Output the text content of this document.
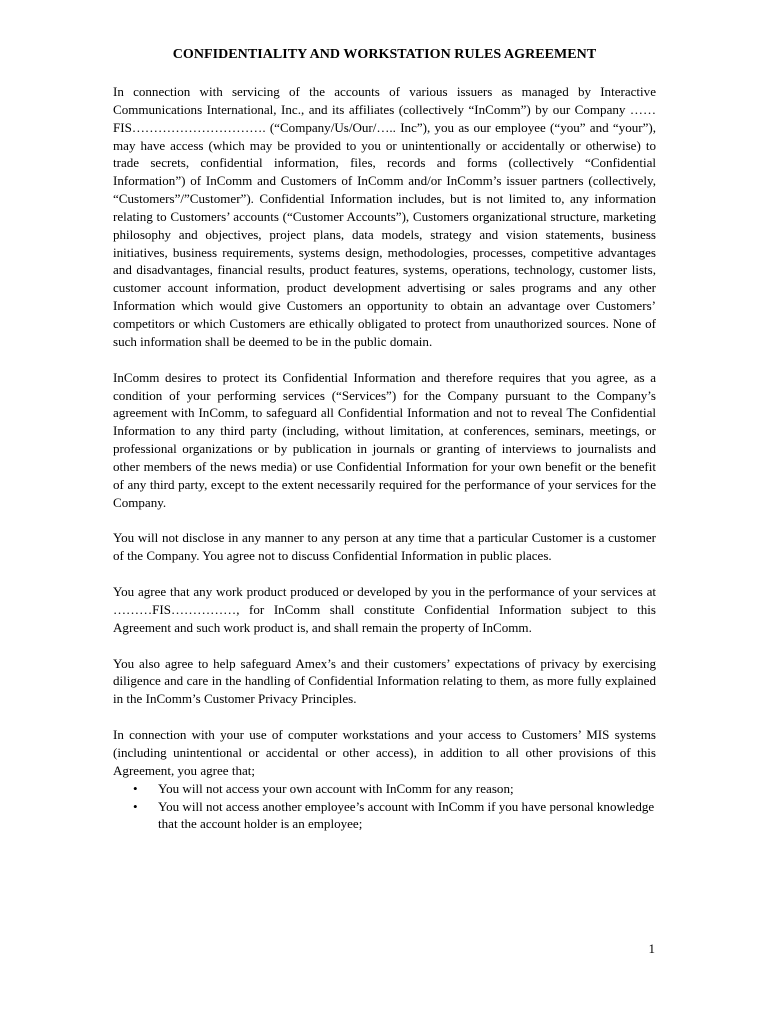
CONFIDENTIALITY AND WORKSTATION RULES AGREEMENT

In connection with servicing of the accounts of various issuers as managed by Interactive Communications International, Inc., and its affiliates (collectively “InComm”) by our Company ……FIS…………………………. (“Company/Us/Our/….. Inc”), you as our employee (“you” and “your”), may have access (which may be provided to you or unintentionally or accidentally or otherwise) to trade secrets, confidential information, files, records and forms (collectively “Confidential Information”) of InComm and Customers of InComm and/or InComm’s issuer partners (collectively, “Customers”/”Customer”). Confidential Information includes, but is not limited to, any information relating to Customers’ accounts (“Customer Accounts”), Customers organizational structure, marketing philosophy and objectives, project plans, data models, strategy and vision statements, business initiatives, business requirements, systems design, methodologies, processes, competitive advantages and disadvantages, financial results, product features, systems, operations, technology, customer lists, customer account information, product development advertising or sales programs and any other Information which would give Customers an opportunity to obtain an advantage over Customers’ competitors or which Customers are ethically obligated to protect from unauthorized sources. None of such information shall be deemed to be in the public domain.

InComm desires to protect its Confidential Information and therefore requires that you agree, as a condition of your performing services (“Services”) for the Company pursuant to the Company’s agreement with InComm, to safeguard all Confidential Information and not to reveal The Confidential Information to any third party (including, without limitation, at conferences, seminars, meetings, or professional organizations or by publication in journals or granting of interviews to journalists and other members of the news media) or use Confidential Information for your own benefit or the benefit of any third party, except to the extent necessarily required for the performance of your services for the Company.

You will not disclose in any manner to any person at any time that a particular Customer is a customer of the Company. You agree not to discuss Confidential Information in public places.

You agree that any work product produced or developed by you in the performance of your services at ………FIS……………, for InComm shall constitute Confidential Information subject to this Agreement and such work product is, and shall remain the property of InComm.

You also agree to help safeguard Amex’s and their customers’ expectations of privacy by exercising diligence and care in the handling of Confidential Information relating to them, as more fully explained in the InComm’s Customer Privacy Principles.

In connection with your use of computer workstations and your access to Customers’ MIS systems (including unintentional or accidental or other access), in addition to all other provisions of this Agreement, you agree that;

• You will not access your own account with InComm for any reason;
• You will not access another employee’s account with InComm if you have personal knowledge that the account holder is an employee;
1
